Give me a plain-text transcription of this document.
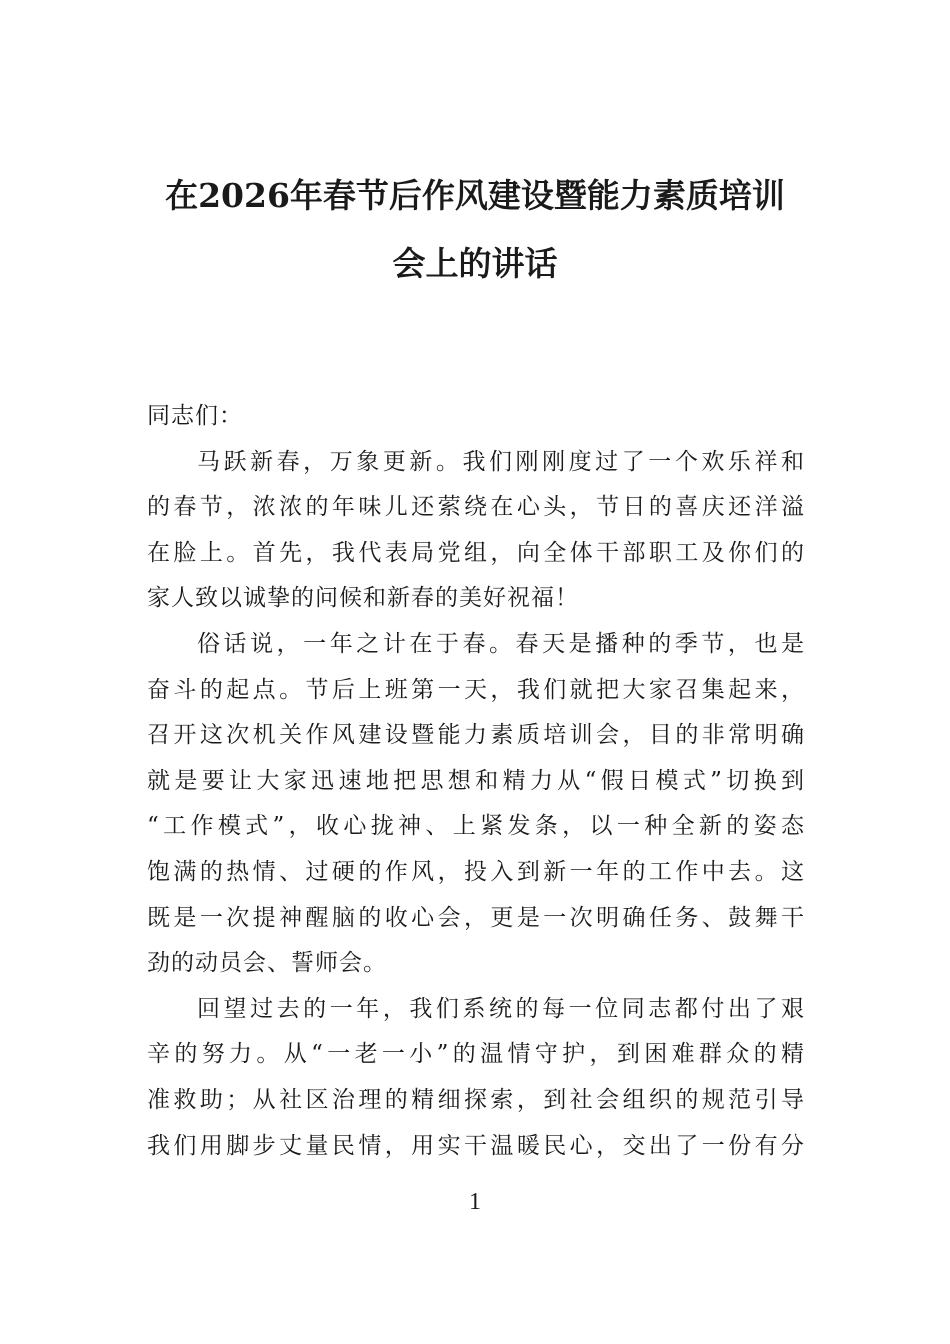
在2026年春节后作风建设暨能力素质培训
会上的讲话
同志们：
马跃新春，万象更新。我们刚刚度过了一个欢乐祥和
的春节，浓浓的年味儿还萦绕在心头，节日的喜庆还洋溢
在脸上。首先，我代表局党组，向全体干部职工及你们的
家人致以诚挚的问候和新春的美好祝福！
俗话说，一年之计在于春。春天是播种的季节，也是
奋斗的起点。节后上班第一天，我们就把大家召集起来，
召开这次机关作风建设暨能力素质培训会，目的非常明确
就是要让大家迅速地把思想和精力从“假日模式”切换到
“工作模式”，收心拢神、上紧发条，以一种全新的姿态
饱满的热情、过硬的作风，投入到新一年的工作中去。这
既是一次提神醒脑的收心会，更是一次明确任务、鼓舞干
劲的动员会、誓师会。
回望过去的一年，我们系统的每一位同志都付出了艰
辛的努力。从“一老一小”的温情守护，到困难群众的精
准救助；从社区治理的精细探索，到社会组织的规范引导
我们用脚步丈量民情，用实干温暖民心，交出了一份有分
1
